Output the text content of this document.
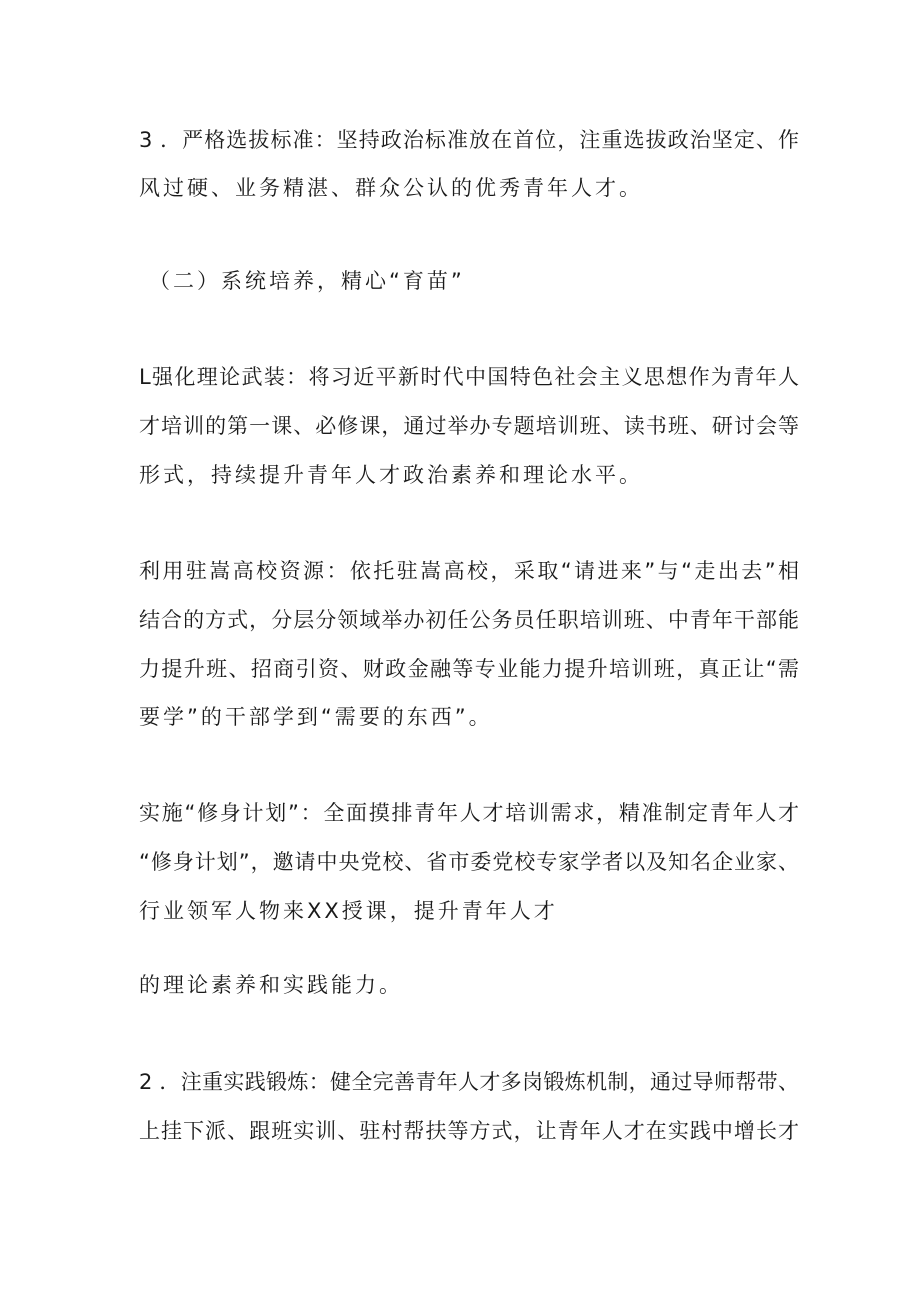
3 ．严格选拔标准：坚持政治标准放在首位，注重选拔政治坚定、作
风过硬、业务精湛、群众公认的优秀青年人才。
（二）系统培养，精心“育苗”
L强化理论武装：将习近平新时代中国特色社会主义思想作为青年人
才培训的第一课、必修课，通过举办专题培训班、读书班、研讨会等
形式，持续提升青年人才政治素养和理论水平。
利用驻嵩高校资源：依托驻嵩高校，采取“请进来”与“走出去”相
结合的方式，分层分领域举办初任公务员任职培训班、中青年干部能
力提升班、招商引资、财政金融等专业能力提升培训班，真正让“需
要学”的干部学到“需要的东西”。
实施“修身计划”：全面摸排青年人才培训需求，精准制定青年人才
“修身计划”，邀请中央党校、省市委党校专家学者以及知名企业家、
行业领军人物来XX授课，提升青年人才
的理论素养和实践能力。
2 ．注重实践锻炼：健全完善青年人才多岗锻炼机制，通过导师帮带、
上挂下派、跟班实训、驻村帮扶等方式，让青年人才在实践中增长才
